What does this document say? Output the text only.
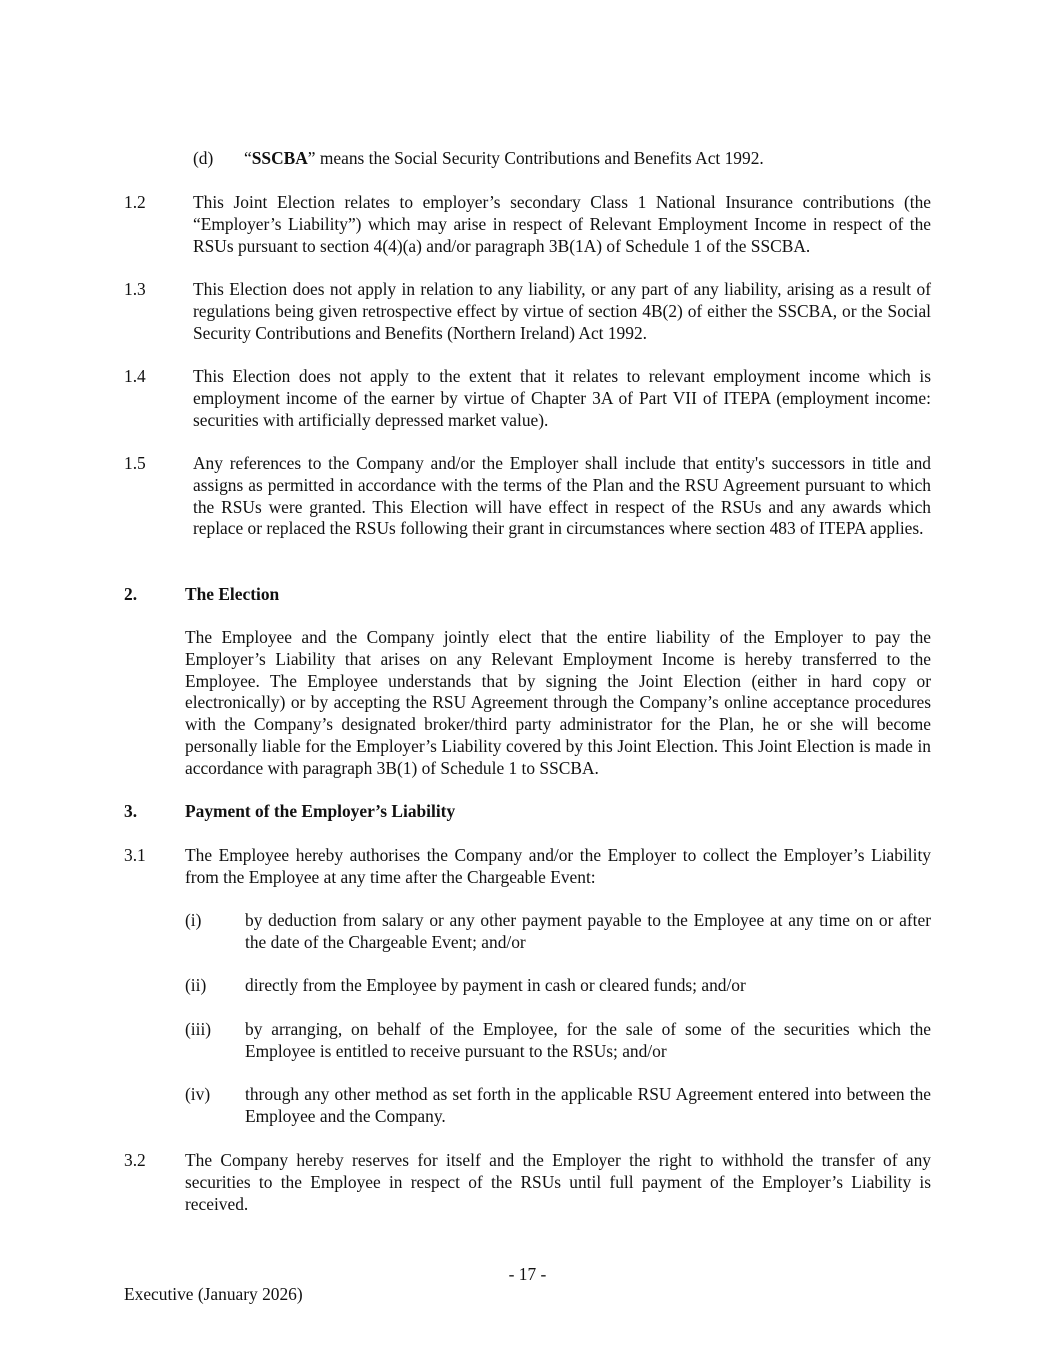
(d) “SSCBA” means the Social Security Contributions and Benefits Act 1992.

1.2	This Joint Election relates to employer’s secondary Class 1 National Insurance contributions (the “Employer’s Liability”) which may arise in respect of Relevant Employment Income in respect of the RSUs pursuant to section 4(4)(a) and/or paragraph 3B(1A) of Schedule 1 of the SSCBA.

1.3	This Election does not apply in relation to any liability, or any part of any liability, arising as a result of regulations being given retrospective effect by virtue of section 4B(2) of either the SSCBA, or the Social Security Contributions and Benefits (Northern Ireland) Act 1992.

1.4	This Election does not apply to the extent that it relates to relevant employment income which is employment income of the earner by virtue of Chapter 3A of Part VII of ITEPA (employment income: securities with artificially depressed market value).

1.5	Any references to the Company and/or the Employer shall include that entity's successors in title and assigns as permitted in accordance with the terms of the Plan and the RSU Agreement pursuant to which the RSUs were granted. This Election will have effect in respect of the RSUs and any awards which replace or replaced the RSUs following their grant in circumstances where section 483 of ITEPA applies.

2.	The Election

The Employee and the Company jointly elect that the entire liability of the Employer to pay the Employer’s Liability that arises on any Relevant Employment Income is hereby transferred to the Employee. The Employee understands that by signing the Joint Election (either in hard copy or electronically) or by accepting the RSU Agreement through the Company’s online acceptance procedures with the Company’s designated broker/third party administrator for the Plan, he or she will become personally liable for the Employer’s Liability covered by this Joint Election. This Joint Election is made in accordance with paragraph 3B(1) of Schedule 1 to SSCBA.

3.	Payment of the Employer’s Liability
3.1 The Employee hereby authorises the Company and/or the Employer to collect the Employer’s Liability from the Employee at any time after the Chargeable Event:

(i)	by deduction from salary or any other payment payable to the Employee at any time on or after the date of the Chargeable Event; and/or

(ii) directly from the Employee by payment in cash or cleared funds; and/or

(iii) by arranging, on behalf of the Employee, for the sale of some of the securities which the Employee is entitled to receive pursuant to the RSUs; and/or

(iv) through any other method as set forth in the applicable RSU Agreement entered into between the Employee and the Company.

3.2 The Company hereby reserves for itself and the Employer the right to withhold the transfer of any securities to the Employee in respect of the RSUs until full payment of the Employer’s Liability is received.

- 17 -
Executive (January 2026)
